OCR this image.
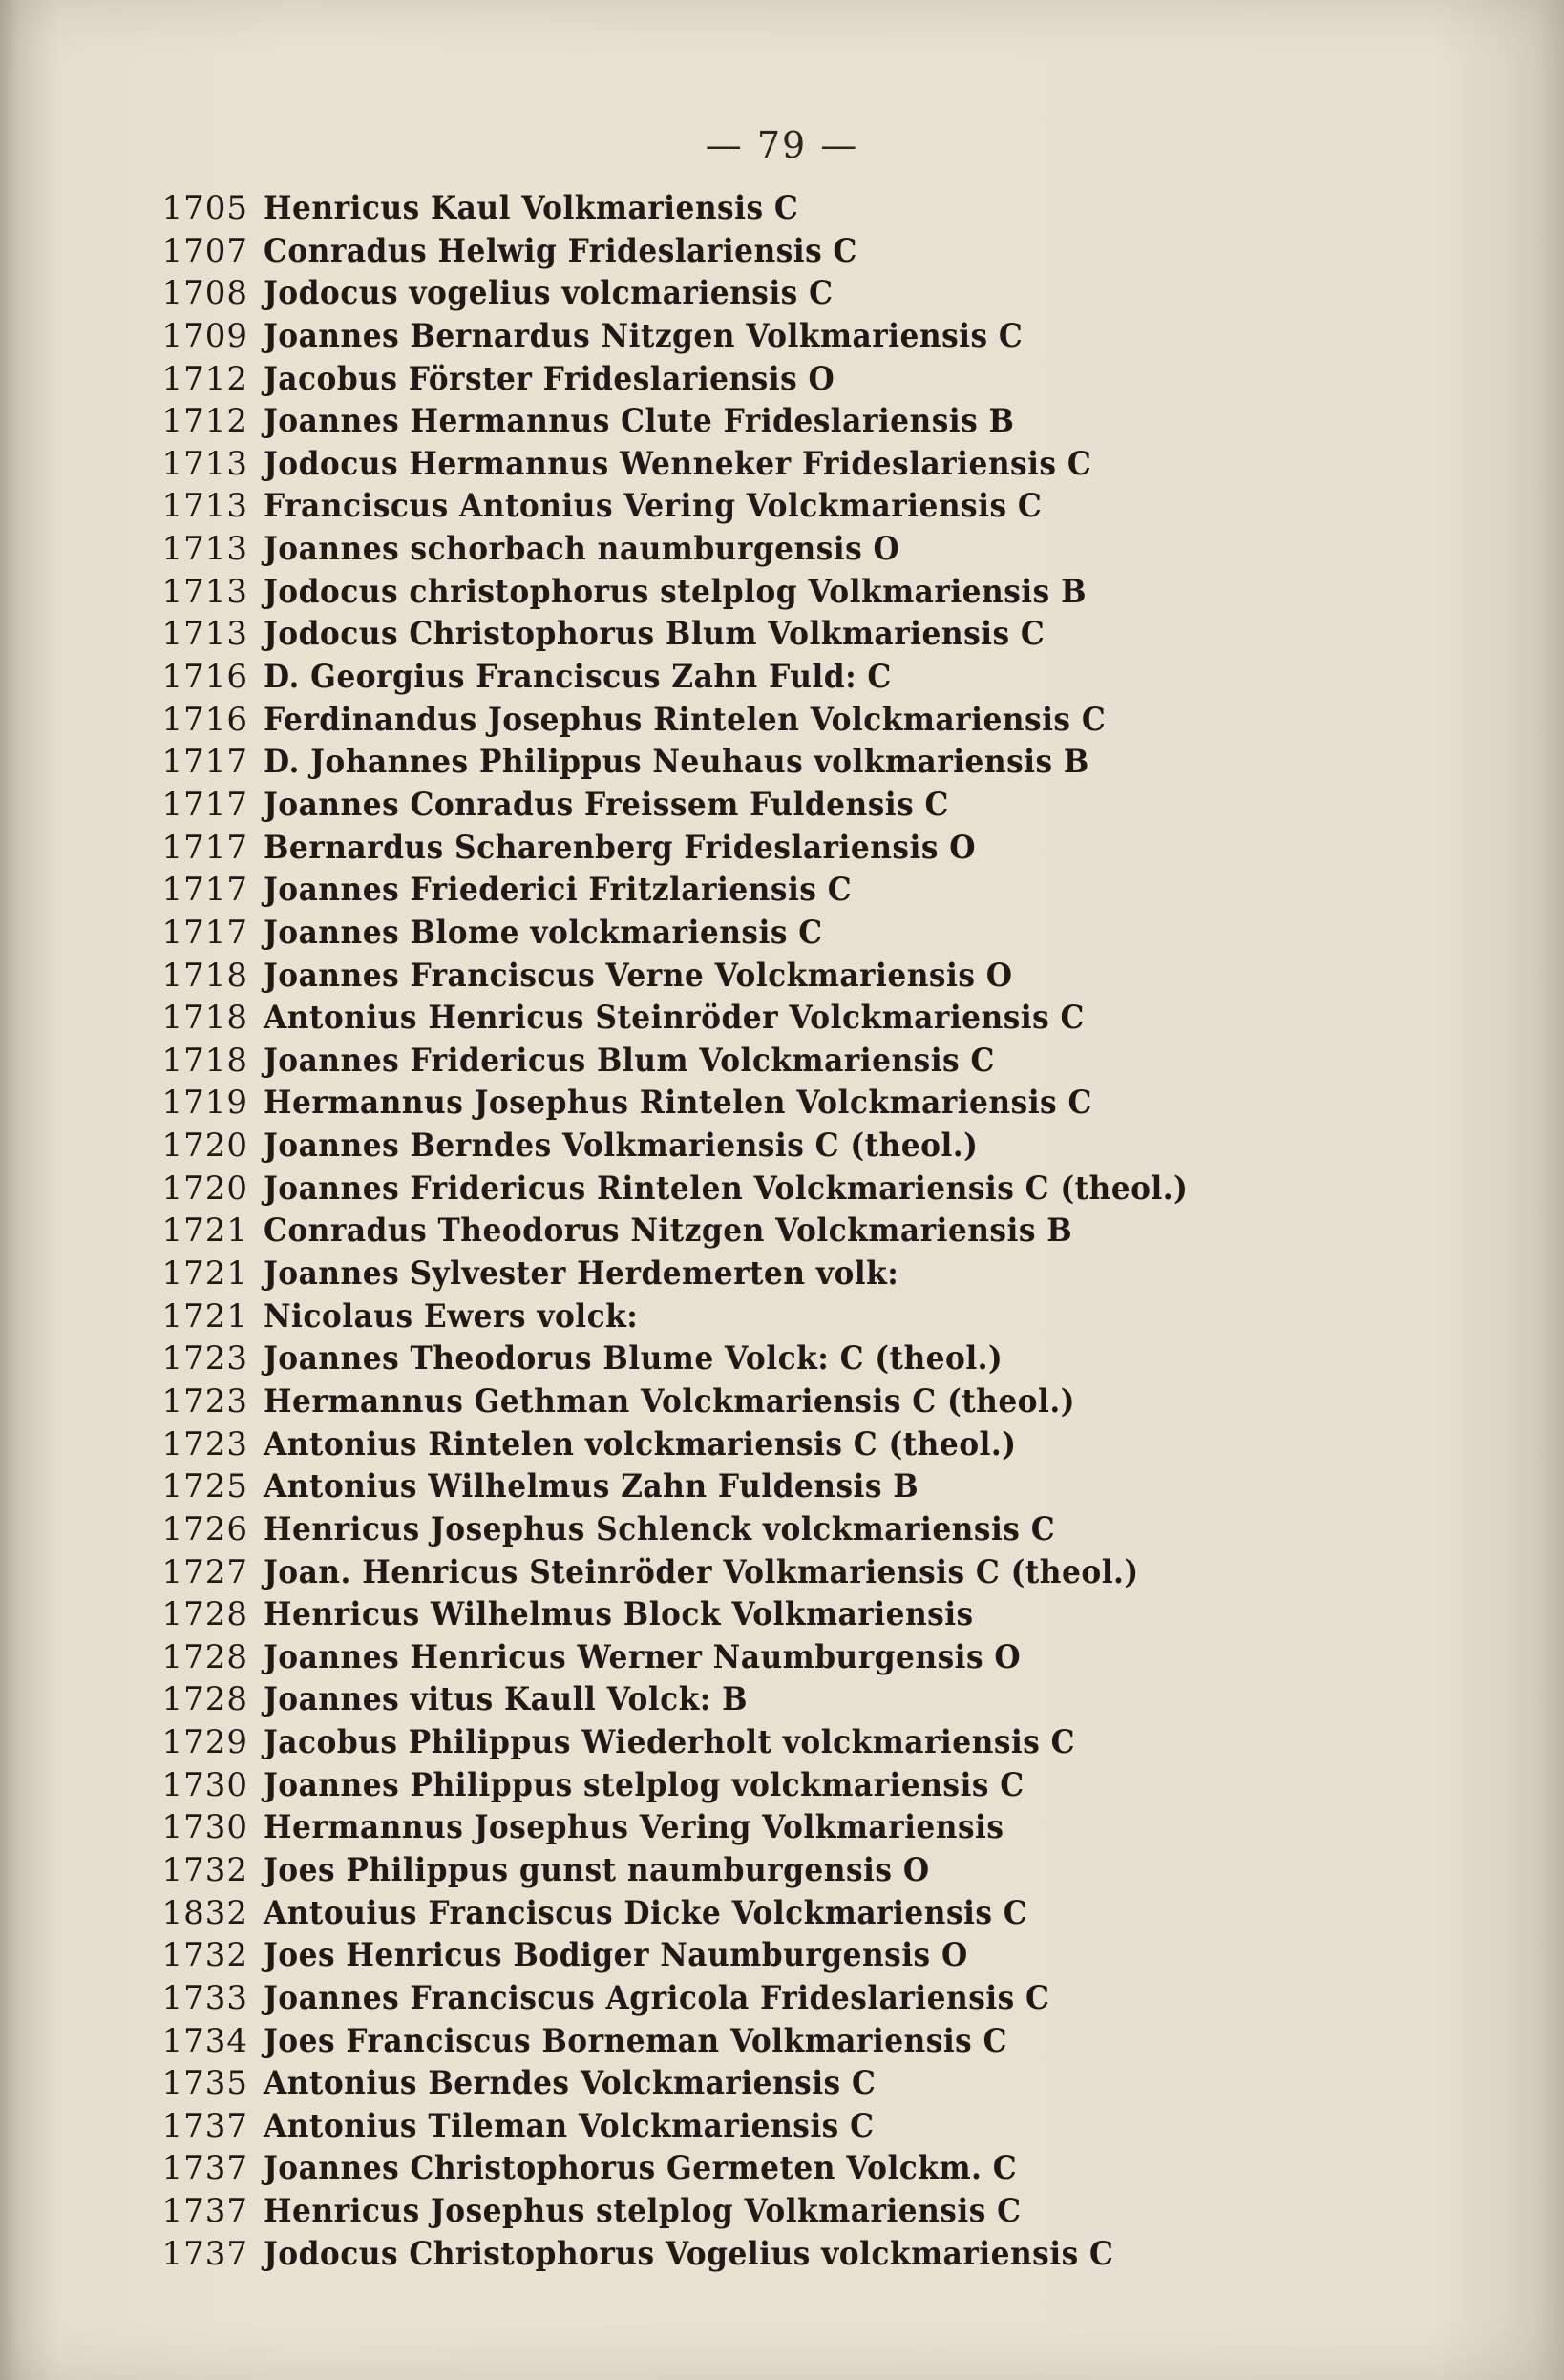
— 79 —
1705 Henricus Kaul Volkmariensis C
1707 Conradus Helwig Frideslariensis C
1708 Jodocus vogelius volcmariensis C
1709 Joannes Bernardus Nitzgen Volkmariensis C
1712 Jacobus Förster Frideslariensis O
1712 Joannes Hermannus Clute Frideslariensis B
1713 Jodocus Hermannus Wenneker Frideslariensis C
1713 Franciscus Antonius Vering Volckmariensis C
1713 Joannes schorbach naumburgensis O
1713 Jodocus christophorus stelplog Volkmariensis B
1713 Jodocus Christophorus Blum Volkmariensis C
1716 D. Georgius Franciscus Zahn Fuld: C
1716 Ferdinandus Josephus Rintelen Volckmariensis C
1717 D. Johannes Philippus Neuhaus volkmariensis B
1717 Joannes Conradus Freissem Fuldensis C
1717 Bernardus Scharenberg Frideslariensis O
1717 Joannes Friederici Fritzlariensis C
1717 Joannes Blome volckmariensis C
1718 Joannes Franciscus Verne Volckmariensis O
1718 Antonius Henricus Steinröder Volckmariensis C
1718 Joannes Fridericus Blum Volckmariensis C
1719 Hermannus Josephus Rintelen Volckmariensis C
1720 Joannes Berndes Volkmariensis C (theol.)
1720 Joannes Fridericus Rintelen Volckmariensis C (theol.)
1721 Conradus Theodorus Nitzgen Volckmariensis B
1721 Joannes Sylvester Herdemerten volk:
1721 Nicolaus Ewers volck:
1723 Joannes Theodorus Blume Volck: C (theol.)
1723 Hermannus Gethman Volckmariensis C (theol.)
1723 Antonius Rintelen volckmariensis C (theol.)
1725 Antonius Wilhelmus Zahn Fuldensis B
1726 Henricus Josephus Schlenck volckmariensis C
1727 Joan. Henricus Steinröder Volkmariensis C (theol.)
1728 Henricus Wilhelmus Block Volkmariensis
1728 Joannes Henricus Werner Naumburgensis O
1728 Joannes vitus Kaull Volck: B
1729 Jacobus Philippus Wiederholt volckmariensis C
1730 Joannes Philippus stelplog volckmariensis C
1730 Hermannus Josephus Vering Volkmariensis
1732 Joes Philippus gunst naumburgensis O
1832 Antouius Franciscus Dicke Volckmariensis C
1732 Joes Henricus Bodiger Naumburgensis O
1733 Joannes Franciscus Agricola Frideslariensis C
1734 Joes Franciscus Borneman Volkmariensis C
1735 Antonius Berndes Volckmariensis C
1737 Antonius Tileman Volckmariensis C
1737 Joannes Christophorus Germeten Volckm. C
1737 Henricus Josephus stelplog Volkmariensis C
1737 Jodocus Christophorus Vogelius volckmariensis C
